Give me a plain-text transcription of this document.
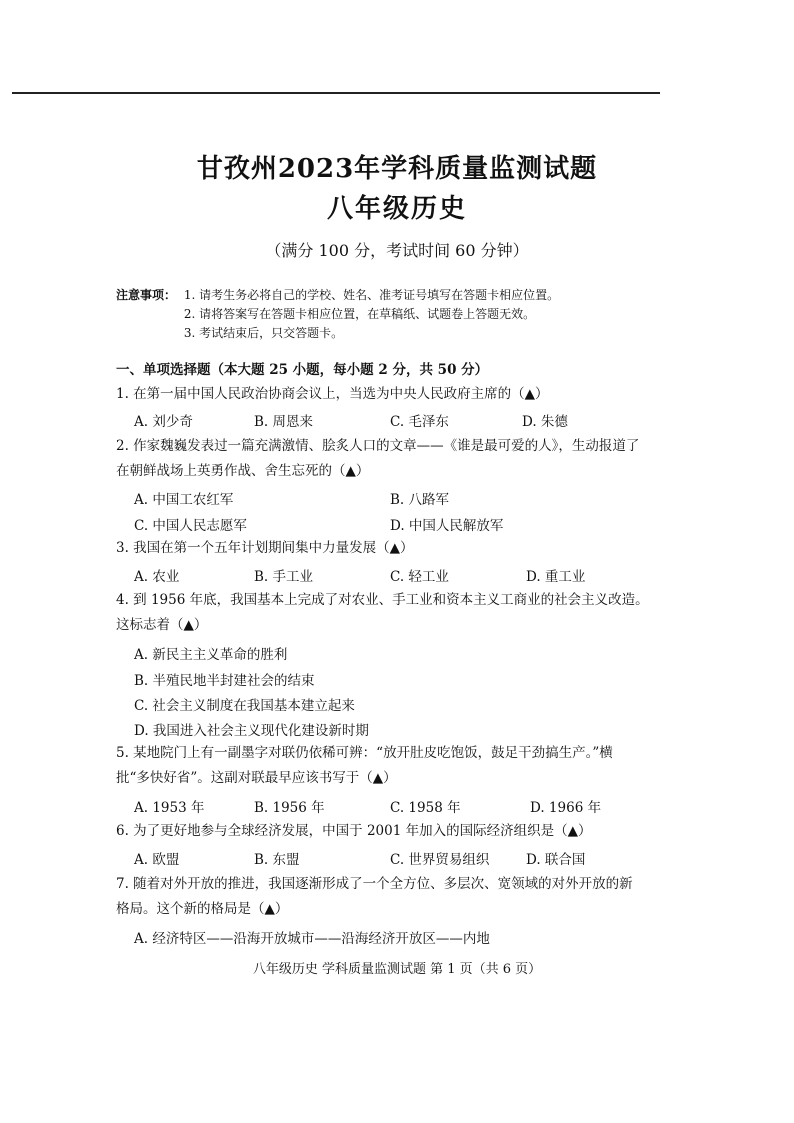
甘孜州2023年学科质量监测试题
八年级历史
（满分 100 分，考试时间 60 分钟）
注意事项： 1. 请考生务必将自己的学校、姓名、准考证号填写在答题卡相应位置。
2. 请将答案写在答题卡相应位置，在草稿纸、试题卷上答题无效。
3. 考试结束后，只交答题卡。
一、单项选择题（本大题 25 小题，每小题 2 分，共 50 分）
1. 在第一届中国人民政治协商会议上，当选为中央人民政府主席的（▲）
A. 刘少奇	B. 周恩来	C. 毛泽东	D. 朱德
2. 作家魏巍发表过一篇充满激情、脍炙人口的文章——《谁是最可爱的人》，生动报道了
在朝鲜战场上英勇作战、舍生忘死的（▲）
A. 中国工农红军	B. 八路军
C. 中国人民志愿军	D. 中国人民解放军
3. 我国在第一个五年计划期间集中力量发展（▲）
A. 农业	B. 手工业	C. 轻工业	D. 重工业
4. 到 1956 年底，我国基本上完成了对农业、手工业和资本主义工商业的社会主义改造。
这标志着（▲）
A. 新民主主义革命的胜利
B. 半殖民地半封建社会的结束
C. 社会主义制度在我国基本建立起来
D. 我国进入社会主义现代化建设新时期
5. 某地院门上有一副墨字对联仍依稀可辨：“放开肚皮吃饱饭，鼓足干劲搞生产。”横
批“多快好省”。这副对联最早应该书写于（▲）
A. 1953 年	B. 1956 年	C. 1958 年	D. 1966 年
6. 为了更好地参与全球经济发展，中国于 2001 年加入的国际经济组织是（▲）
A. 欧盟	B. 东盟	C. 世界贸易组织	D. 联合国
7. 随着对外开放的推进，我国逐渐形成了一个全方位、多层次、宽领域的对外开放的新
格局。这个新的格局是（▲）
A. 经济特区——沿海开放城市——沿海经济开放区——内地
八年级历史 学科质量监测试题 第 1 页（共 6 页）
